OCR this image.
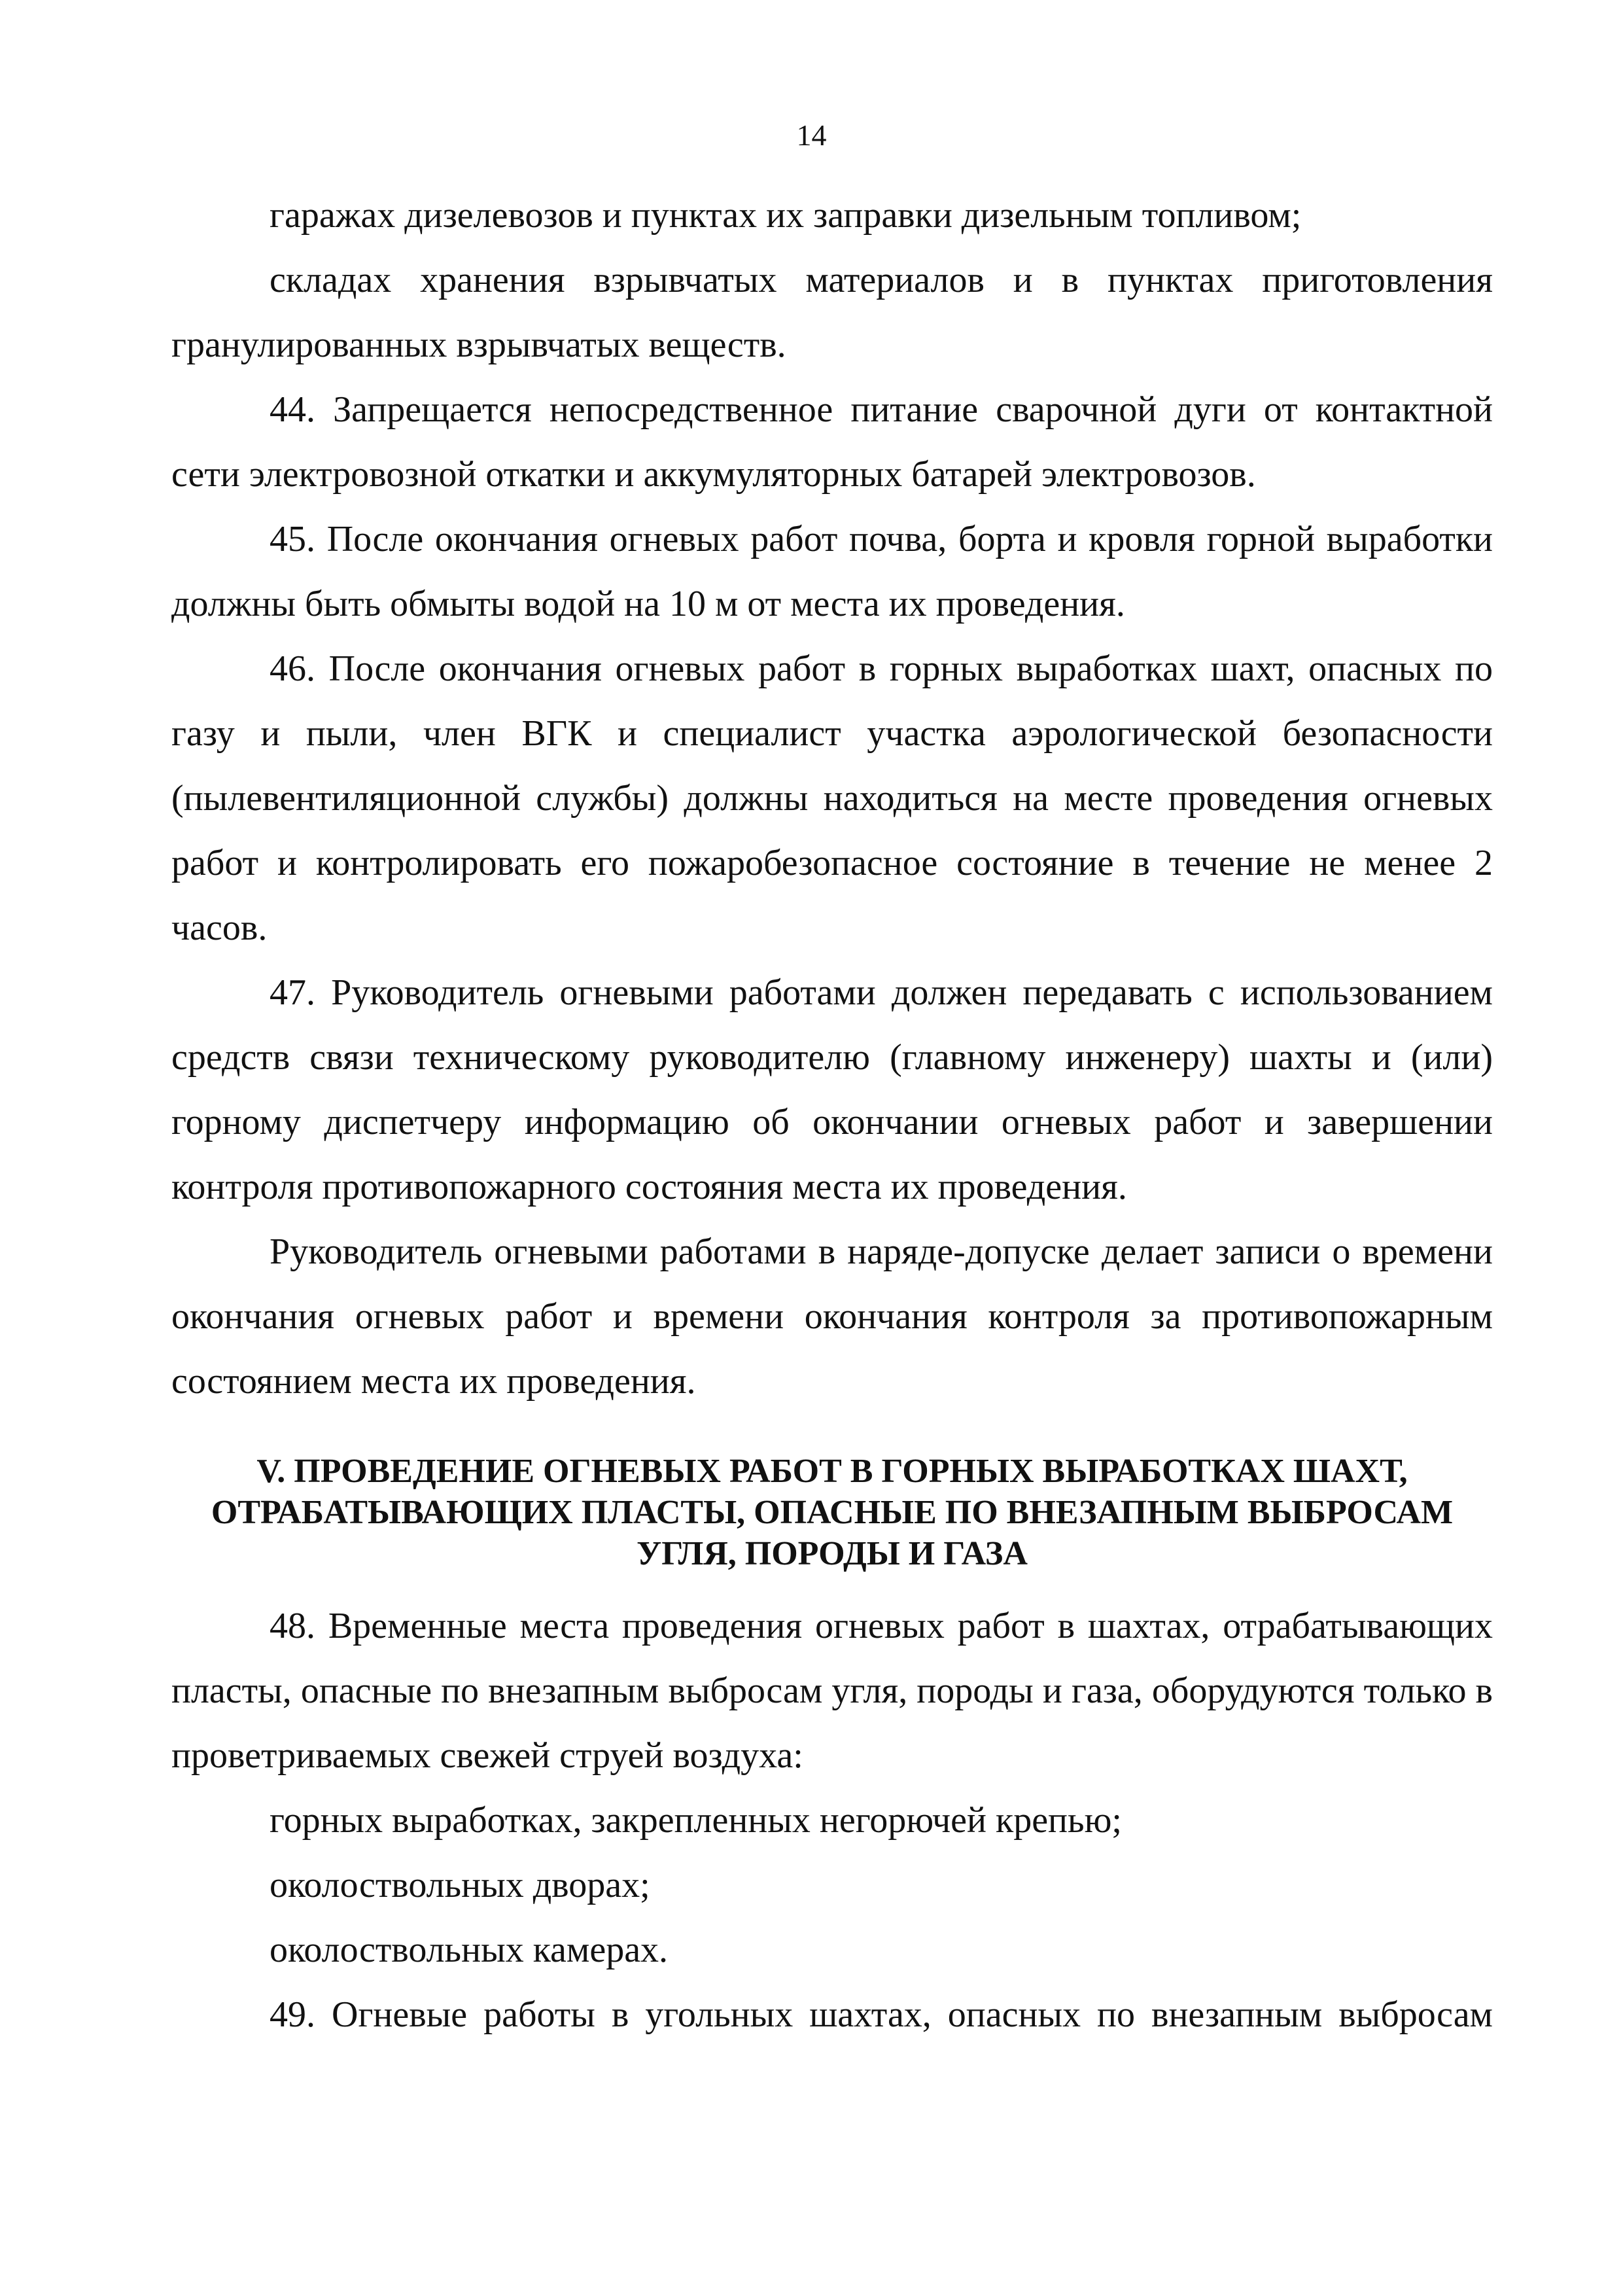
14

гаражах дизелевозов и пунктах их заправки дизельным топливом;

складах хранения взрывчатых материалов и в пунктах приготовления гранулированных взрывчатых веществ.

44. Запрещается непосредственное питание сварочной дуги от контактной сети электровозной откатки и аккумуляторных батарей электровозов.

45. После окончания огневых работ почва, борта и кровля горной выработки должны быть обмыты водой на 10 м от места их проведения.

46. После окончания огневых работ в горных выработках шахт, опасных по газу и пыли, член ВГК и специалист участка аэрологической безопасности (пылевентиляционной службы) должны находиться на месте проведения огневых работ и контролировать его пожаробезопасное состояние в течение не менее 2 часов.

47. Руководитель огневыми работами должен передавать с использованием средств связи техническому руководителю (главному инженеру) шахты и (или) горному диспетчеру информацию об окончании огневых работ и завершении контроля противопожарного состояния места их проведения.

Руководитель огневыми работами в наряде-допуске делает записи о времени окончания огневых работ и времени окончания контроля за противопожарным состоянием места их проведения.

V. ПРОВЕДЕНИЕ ОГНЕВЫХ РАБОТ В ГОРНЫХ ВЫРАБОТКАХ ШАХТ,
ОТРАБАТЫВАЮЩИХ ПЛАСТЫ, ОПАСНЫЕ ПО ВНЕЗАПНЫМ ВЫБРОСАМ
УГЛЯ, ПОРОДЫ И ГАЗА

48. Временные места проведения огневых работ в шахтах, отрабатывающих пласты, опасные по внезапным выбросам угля, породы и газа, оборудуются только в проветриваемых свежей струей воздуха:

горных выработках, закрепленных негорючей крепью;

околоствольных дворах;

околоствольных камерах.

49. Огневые работы в угольных шахтах, опасных по внезапным выбросам
